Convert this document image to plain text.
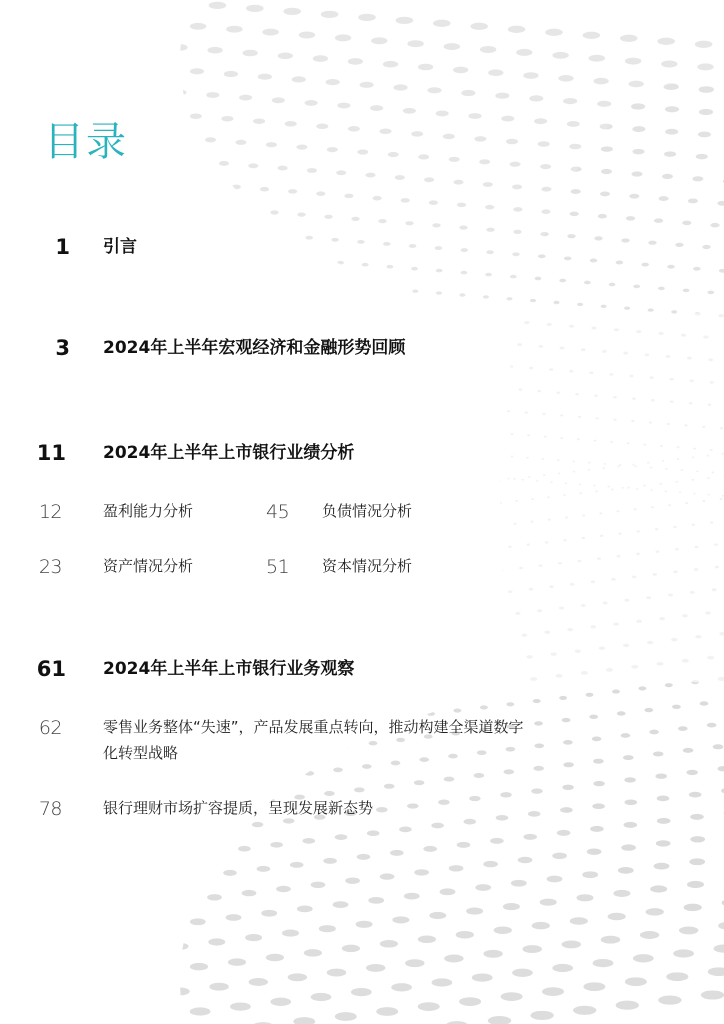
目录
1 引言
3 2024年上半年宏观经济和金融形势回顾
11 2024年上半年上市银行业绩分析
12	盈利能力分析	45 负债情况分析
23	资产情况分析	51 资本情况分析
61 2024年上半年上市银行业务观察
62	零售业务整体“失速”，产品发展重点转向，推动构建全渠道数字化转型战略
78	银行理财市场扩容提质，呈现发展新态势
